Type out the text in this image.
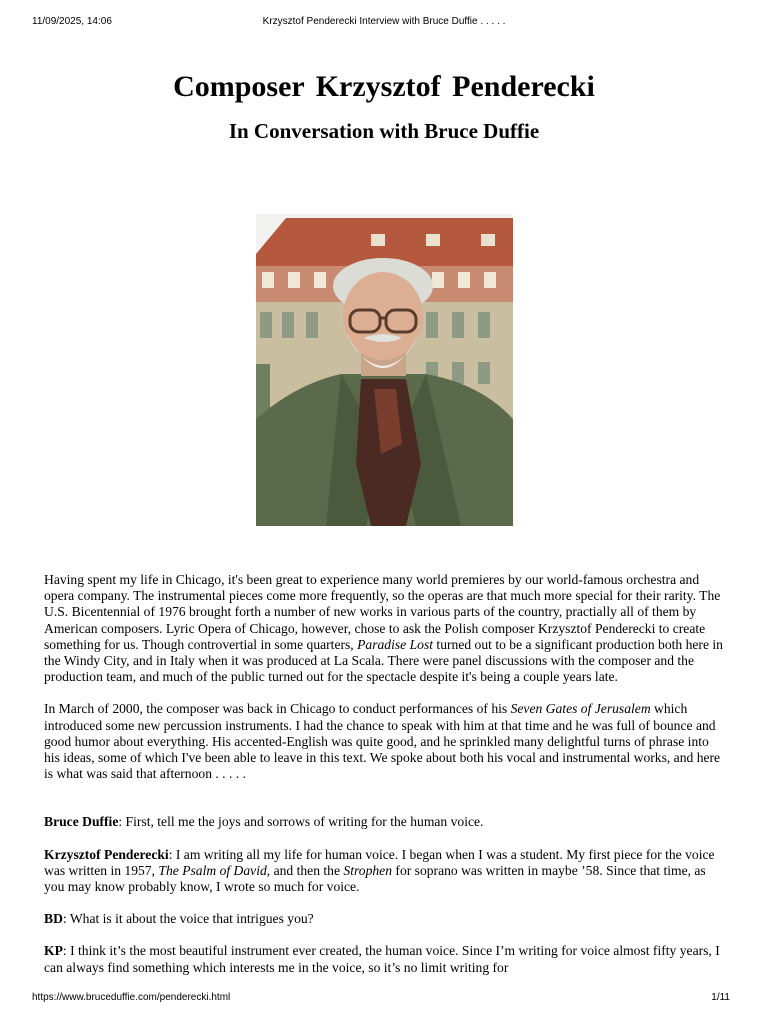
11/09/2025, 14:06	Krzysztof Penderecki Interview with Bruce Duffie . . . . .
Composer Krzysztof Penderecki
In Conversation with Bruce Duffie

Having spent my life in Chicago, it's been great to experience many world premieres by our world-famous orchestra and opera company. The instrumental pieces come more frequently, so the operas are that much more special for their rarity. The U.S. Bicentennial of 1976 brought forth a number of new works in various parts of the country, practially all of them by American composers. Lyric Opera of Chicago, however, chose to ask the Polish composer Krzysztof Penderecki to create something for us. Though controvertial in some quarters, Paradise Lost turned out to be a significant production both here in the Windy City, and in Italy when it was produced at La Scala. There were panel discussions with the composer and the production team, and much of the public turned out for the spectacle despite it's being a couple years late.

In March of 2000, the composer was back in Chicago to conduct performances of his Seven Gates of Jerusalem which introduced some new percussion instruments. I had the chance to speak with him at that time and he was full of bounce and good humor about everything. His accented-English was quite good, and he sprinkled many delightful turns of phrase into his ideas, some of which I've been able to leave in this text. We spoke about both his vocal and instrumental works, and here is what was said that afternoon . . . . .

Bruce Duffie: First, tell me the joys and sorrows of writing for the human voice.

Krzysztof Penderecki: I am writing all my life for human voice. I began when I was a student. My first piece for the voice was written in 1957, The Psalm of David, and then the Strophen for soprano was written in maybe ’58. Since that time, as you may know probably know, I wrote so much for voice.

BD: What is it about the voice that intrigues you?

KP: I think it’s the most beautiful instrument ever created, the human voice. Since I’m writing for voice almost fifty years, I can always find something which interests me in the voice, so it’s no limit writing for

https://www.bruceduffie.com/penderecki.html	1/11
